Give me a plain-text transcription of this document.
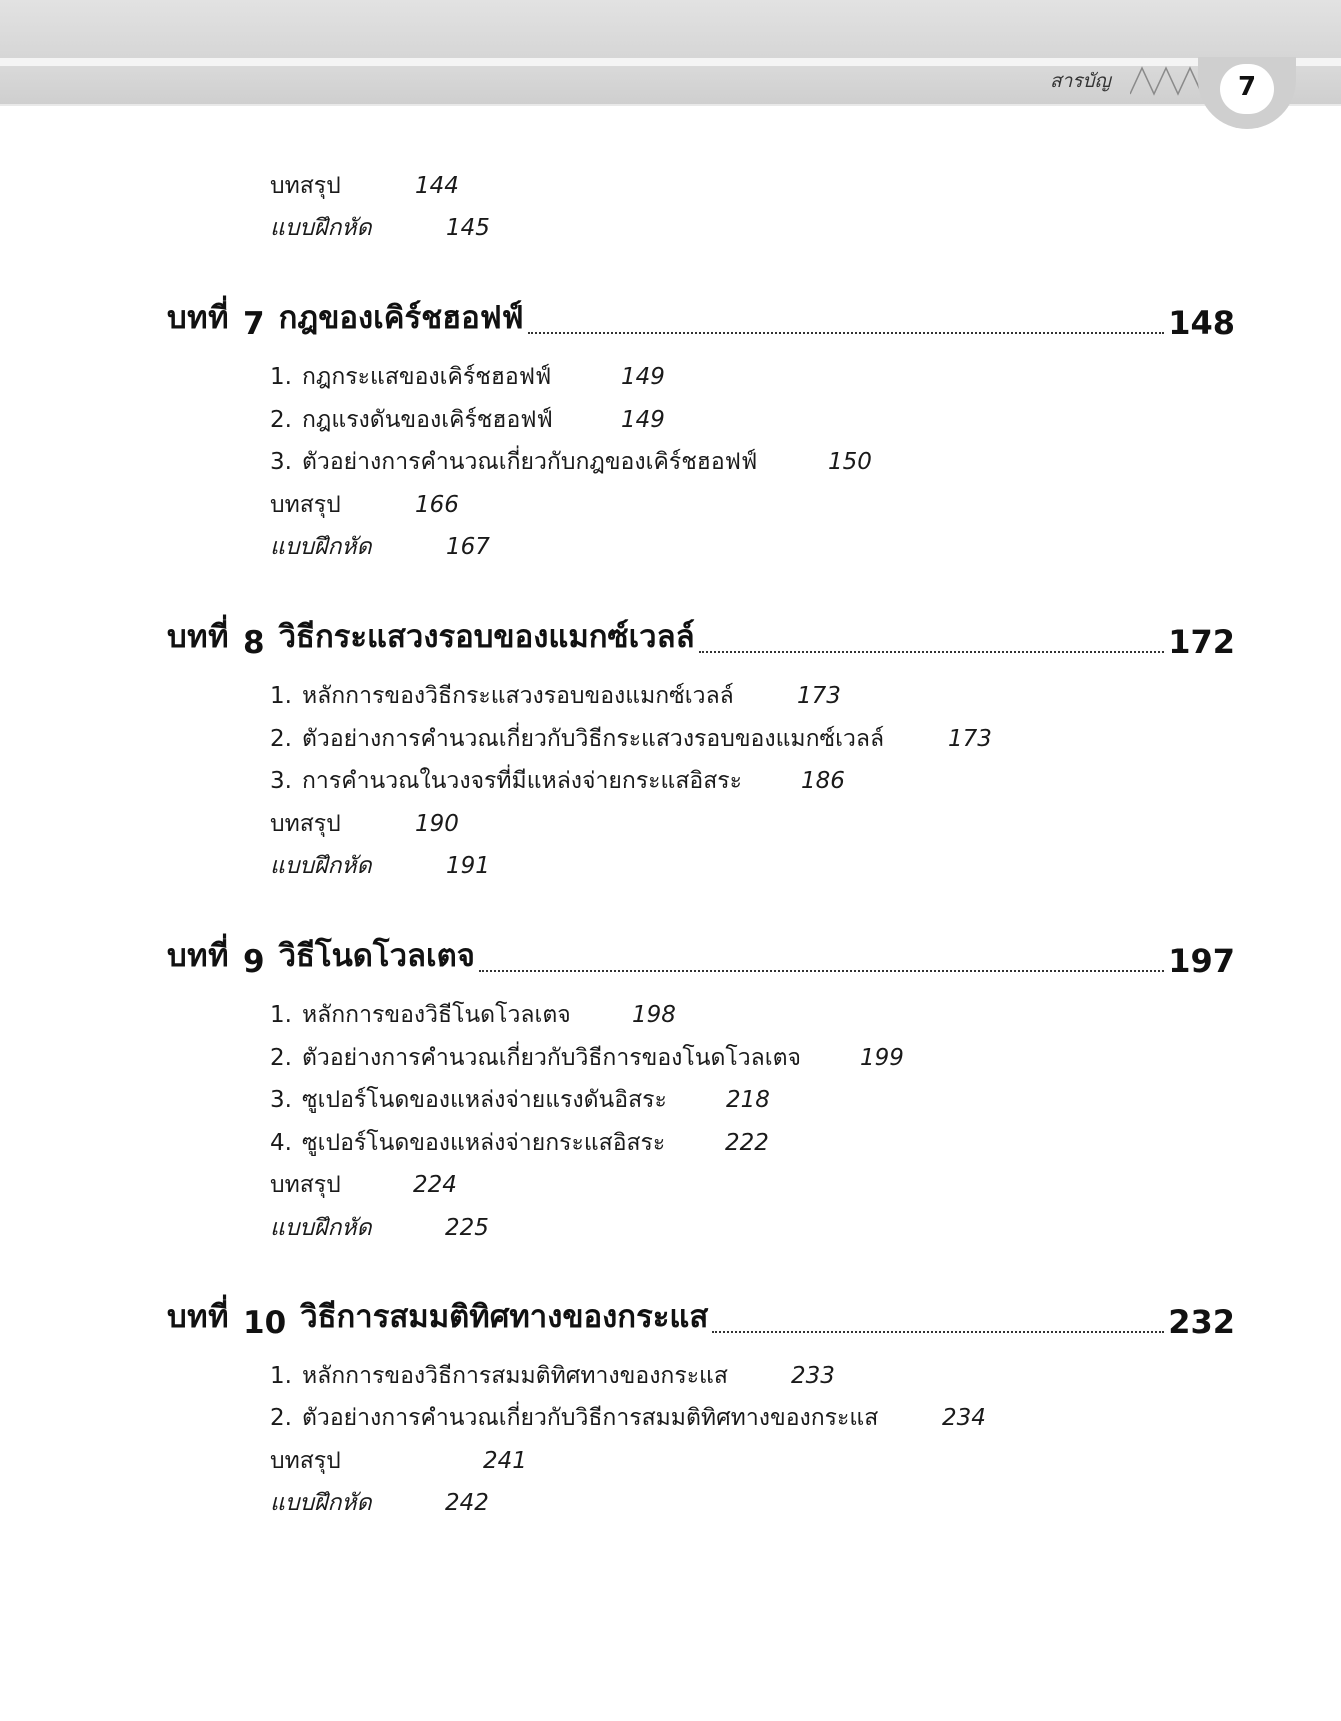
สารบัญ	7
บทสรุป	144
แบบฝึกหัด	145
บทที่ 7 กฎของเคิร์ชฮอฟฟ์	148
1. กฎกระแสของเคิร์ชฮอฟฟ์	149
2. กฎแรงดันของเคิร์ชฮอฟฟ์	149
3. ตัวอย่างการคำนวณเกี่ยวกับกฎของเคิร์ชฮอฟฟ์	150
บทสรุป	166
แบบฝึกหัด	167
บทที่ 8 วิธีกระแสวงรอบของแมกซ์เวลล์	172
1. หลักการของวิธีกระแสวงรอบของแมกซ์เวลล์	173
2. ตัวอย่างการคำนวณเกี่ยวกับวิธีกระแสวงรอบของแมกซ์เวลล์	173
3. การคำนวณในวงจรที่มีแหล่งจ่ายกระแสอิสระ	186
บทสรุป	190
แบบฝึกหัด	191
บทที่ 9 วิธีโนดโวลเตจ	197
1. หลักการของวิธีโนดโวลเตจ	198
2. ตัวอย่างการคำนวณเกี่ยวกับวิธีการของโนดโวลเตจ	199
3. ซูเปอร์โนดของแหล่งจ่ายแรงดันอิสระ	218
4. ซูเปอร์โนดของแหล่งจ่ายกระแสอิสระ	222
บทสรุป	224
แบบฝึกหัด	225
บทที่ 10 วิธีการสมมติทิศทางของกระแส	232
1. หลักการของวิธีการสมมติทิศทางของกระแส	233
2. ตัวอย่างการคำนวณเกี่ยวกับวิธีการสมมติทิศทางของกระแส	234
บทสรุป	241
แบบฝึกหัด	242
